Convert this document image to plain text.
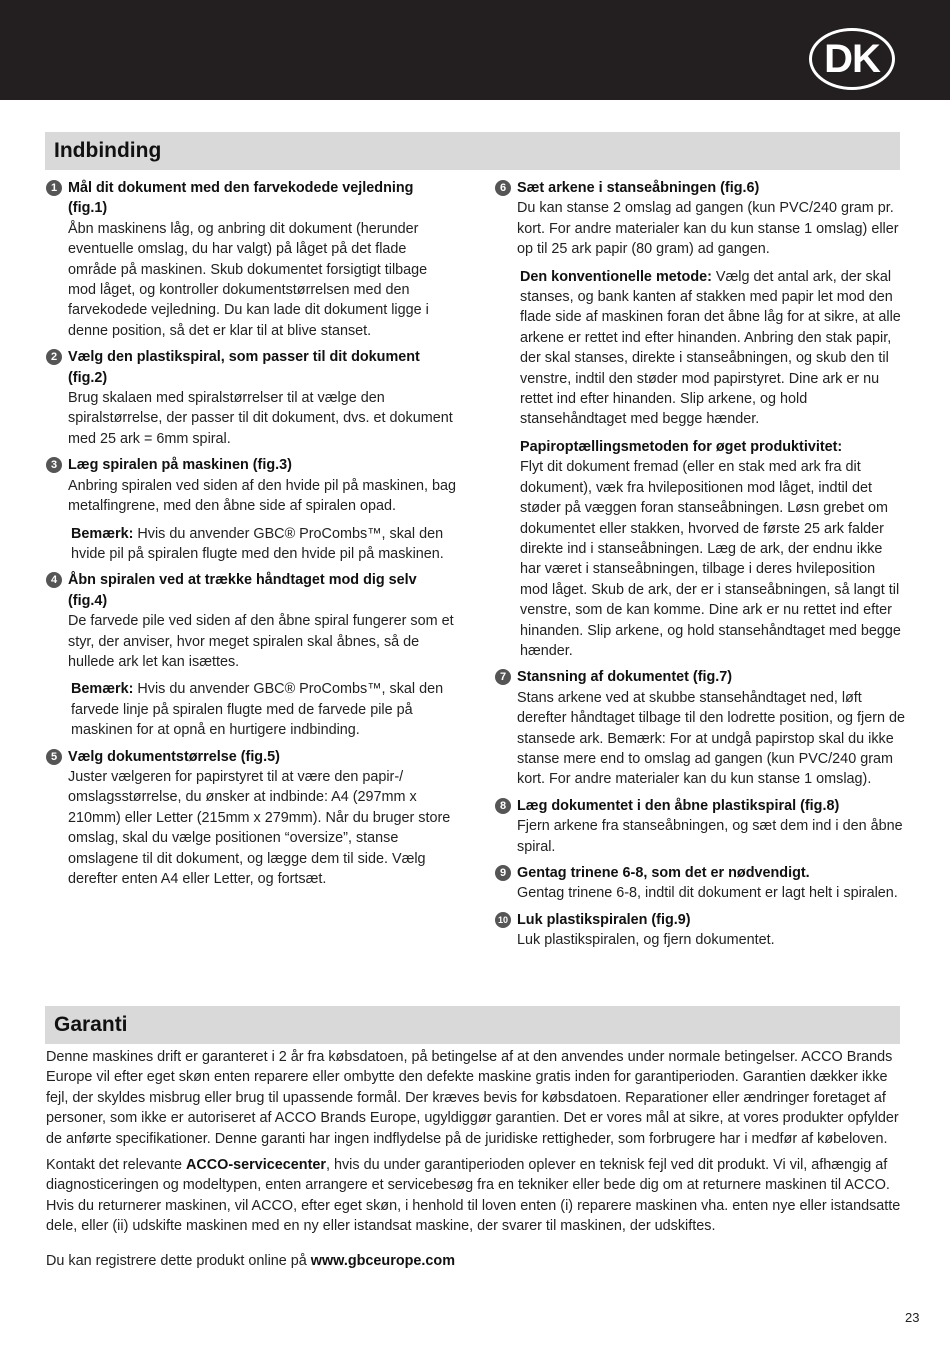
DK
Indbinding
1 Mål dit dokument med den farvekodede vejledning (fig.1)
Åbn maskinens låg, og anbring dit dokument (herunder eventuelle omslag, du har valgt) på låget på det flade område på maskinen. Skub dokumentet forsigtigt tilbage mod låget, og kontroller dokumentstørrelsen med den farvekodede vejledning. Du kan lade dit dokument ligge i denne position, så det er klar til at blive stanset.
2 Vælg den plastikspiral, som passer til dit dokument (fig.2)
Brug skalaen med spiralstørrelser til at vælge den spiralstørrelse, der passer til dit dokument, dvs. et dokument med 25 ark = 6mm spiral.
3 Læg spiralen på maskinen (fig.3)
Anbring spiralen ved siden af den hvide pil på maskinen, bag metalfingrene, med den åbne side af spiralen opad.
Bemærk: Hvis du anvender GBC® ProCombs™, skal den hvide pil på spiralen flugte med den hvide pil på maskinen.
4 Åbn spiralen ved at trække håndtaget mod dig selv (fig.4)
De farvede pile ved siden af den åbne spiral fungerer som et styr, der anviser, hvor meget spiralen skal åbnes, så de hullede ark let kan isættes.
Bemærk: Hvis du anvender GBC® ProCombs™, skal den farvede linje på spiralen flugte med de farvede pile på maskinen for at opnå en hurtigere indbinding.
5 Vælg dokumentstørrelse (fig.5)
Juster vælgeren for papirstyret til at være den papir-/ omslagsstørrelse, du ønsker at indbinde: A4 (297mm x 210mm) eller Letter (215mm x 279mm). Når du bruger store omslag, skal du vælge positionen “oversize”, stanse omslagene til dit dokument, og lægge dem til side. Vælg derefter enten A4 eller Letter, og fortsæt.
6 Sæt arkene i stanseåbningen (fig.6)
Du kan stanse 2 omslag ad gangen (kun PVC/240 gram pr. kort. For andre materialer kan du kun stanse 1 omslag) eller op til 25 ark papir (80 gram) ad gangen.
Den konventionelle metode: Vælg det antal ark, der skal stanses, og bank kanten af stakken med papir let mod den flade side af maskinen foran det åbne låg for at sikre, at alle arkene er rettet ind efter hinanden. Anbring den stak papir, der skal stanses, direkte i stanseåbningen, og skub den til venstre, indtil den støder mod papirstyret. Dine ark er nu rettet ind efter hinanden. Slip arkene, og hold stansehåndtaget med begge hænder.
Papiroptællingsmetoden for øget produktivitet:
Flyt dit dokument fremad (eller en stak med ark fra dit dokument), væk fra hvilepositionen mod låget, indtil det støder på væggen foran stanseåbningen. Løsn grebet om dokumentet eller stakken, hvorved de første 25 ark falder direkte ind i stanseåbningen. Læg de ark, der endnu ikke har været i stanseåbningen, tilbage i deres hvileposition mod låget. Skub de ark, der er i stanseåbningen, så langt til venstre, som de kan komme. Dine ark er nu rettet ind efter hinanden. Slip arkene, og hold stansehåndtaget med begge hænder.
7 Stansning af dokumentet (fig.7)
Stans arkene ved at skubbe stansehåndtaget ned, løft derefter håndtaget tilbage til den lodrette position, og fjern de stansede ark. Bemærk: For at undgå papirstop skal du ikke stanse mere end to omslag ad gangen (kun PVC/240 gram kort. For andre materialer kan du kun stanse 1 omslag).
8 Læg dokumentet i den åbne plastikspiral (fig.8)
Fjern arkene fra stanseåbningen, og sæt dem ind i den åbne spiral.
9 Gentag trinene 6-8, som det er nødvendigt.
Gentag trinene 6-8, indtil dit dokument er lagt helt i spiralen.
10 Luk plastikspiralen (fig.9)
Luk plastikspiralen, og fjern dokumentet.
Garanti

Denne maskines drift er garanteret i 2 år fra købsdatoen, på betingelse af at den anvendes under normale betingelser. ACCO Brands Europe vil efter eget skøn enten reparere eller ombytte den defekte maskine gratis inden for garantiperioden. Garantien dækker ikke fejl, der skyldes misbrug eller brug til upassende formål. Der kræves bevis for købsdatoen. Reparationer eller ændringer foretaget af personer, som ikke er autoriseret af ACCO Brands Europe, ugyldiggør garantien. Det er vores mål at sikre, at vores produkter opfylder de anførte specifikationer. Denne garanti har ingen indflydelse på de juridiske rettigheder, som forbrugere har i medfør af købeloven.

Kontakt det relevante ACCO-servicecenter, hvis du under garantiperioden oplever en teknisk fejl ved dit produkt. Vi vil, afhængig af diagnosticeringen og modeltypen, enten arrangere et servicebesøg fra en tekniker eller bede dig om at returnere maskinen til ACCO. Hvis du returnerer maskinen, vil ACCO, efter eget skøn, i henhold til loven enten (i) reparere maskinen vha. enten nye eller istandsatte dele, eller (ii) udskifte maskinen med en ny eller istandsat maskine, der svarer til maskinen, der udskiftes.

Du kan registrere dette produkt online på www.gbceurope.com

23
